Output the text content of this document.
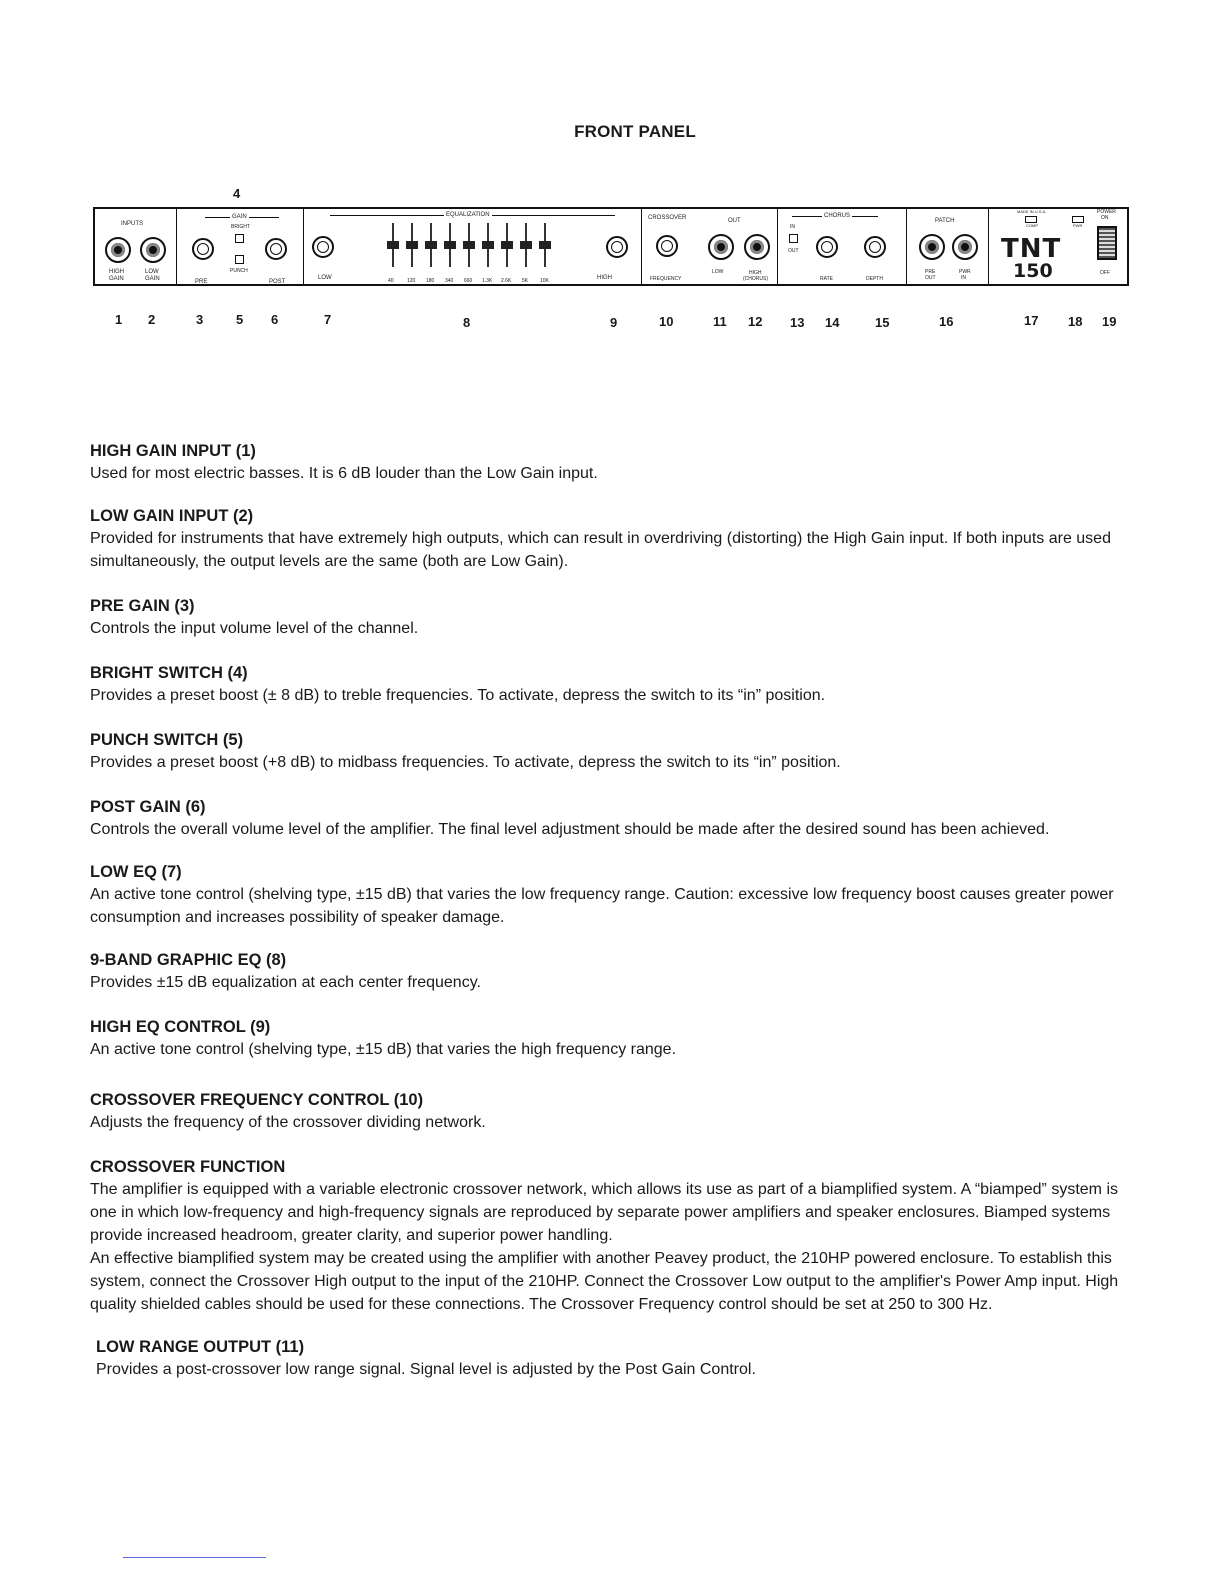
FRONT PANEL
4
INPUTS
HIGH
GAIN
LOW
GAIN
GAIN
BRIGHT
PUNCH
PRE	POST
EQUALIZATION
LOW	HIGH
40	120 180 340 660 1.3K 2.6K 5K 10K
CROSSOVER	OUT
FREQUENCY
LOW	HIGH
(CHORUS)
CHORUS
IN
OUT
RATE	DEPTH
PATCH
PRE
OUT
PWR
IN
MADE IN U.S.A.
COMP	PWR
POWER
ON
OFF
TNT
150
1 2	3	5 6	7	8	9	10	11 12 13 14	15	16	17 18 19
HIGH GAIN INPUT (1)

Used for most electric basses. It is 6 dB louder than the Low Gain input.

LOW GAIN INPUT (2)

Provided for instruments that have extremely high outputs, which can result in overdriving (distorting) the High Gain input. If both inputs are used simultaneously, the output levels are the same (both are Low Gain).

PRE GAIN (3)

Controls the input volume level of the channel.

BRIGHT SWITCH (4)

Provides a preset boost (± 8 dB) to treble frequencies. To activate, depress the switch to its “in” position.

PUNCH SWITCH (5)

Provides a preset boost (+8 dB) to midbass frequencies. To activate, depress the switch to its “in” position.

POST GAIN (6)

Controls the overall volume level of the amplifier. The final level adjustment should be made after the desired sound has been achieved.

LOW EQ (7)

An active tone control (shelving type, ±15 dB) that varies the low frequency range. Caution: excessive low frequency boost causes greater power consumption and increases possibility of speaker damage.

9-BAND GRAPHIC EQ (8)

Provides ±15 dB equalization at each center frequency.

HIGH EQ CONTROL (9)

An active tone control (shelving type, ±15 dB) that varies the high frequency range.

CROSSOVER FREQUENCY CONTROL (10)

Adjusts the frequency of the crossover dividing network.

CROSSOVER FUNCTION

The amplifier is equipped with a variable electronic crossover network, which allows its use as part of a biamplified system. A “biamped” system is one in which low-frequency and high-frequency signals are reproduced by separate power amplifiers and speaker enclosures. Biamped systems provide increased headroom, greater clarity, and superior power handling.

An effective biamplified system may be created using the amplifier with another Peavey product, the 210HP powered enclosure. To establish this system, connect the Crossover High output to the input of the 210HP. Connect the Crossover Low output to the amplifier's Power Amp input. High quality shielded cables should be used for these connections. The Crossover Frequency control should be set at 250 to 300 Hz.

LOW RANGE OUTPUT (11)

Provides a post-crossover low range signal. Signal level is adjusted by the Post Gain Control.
